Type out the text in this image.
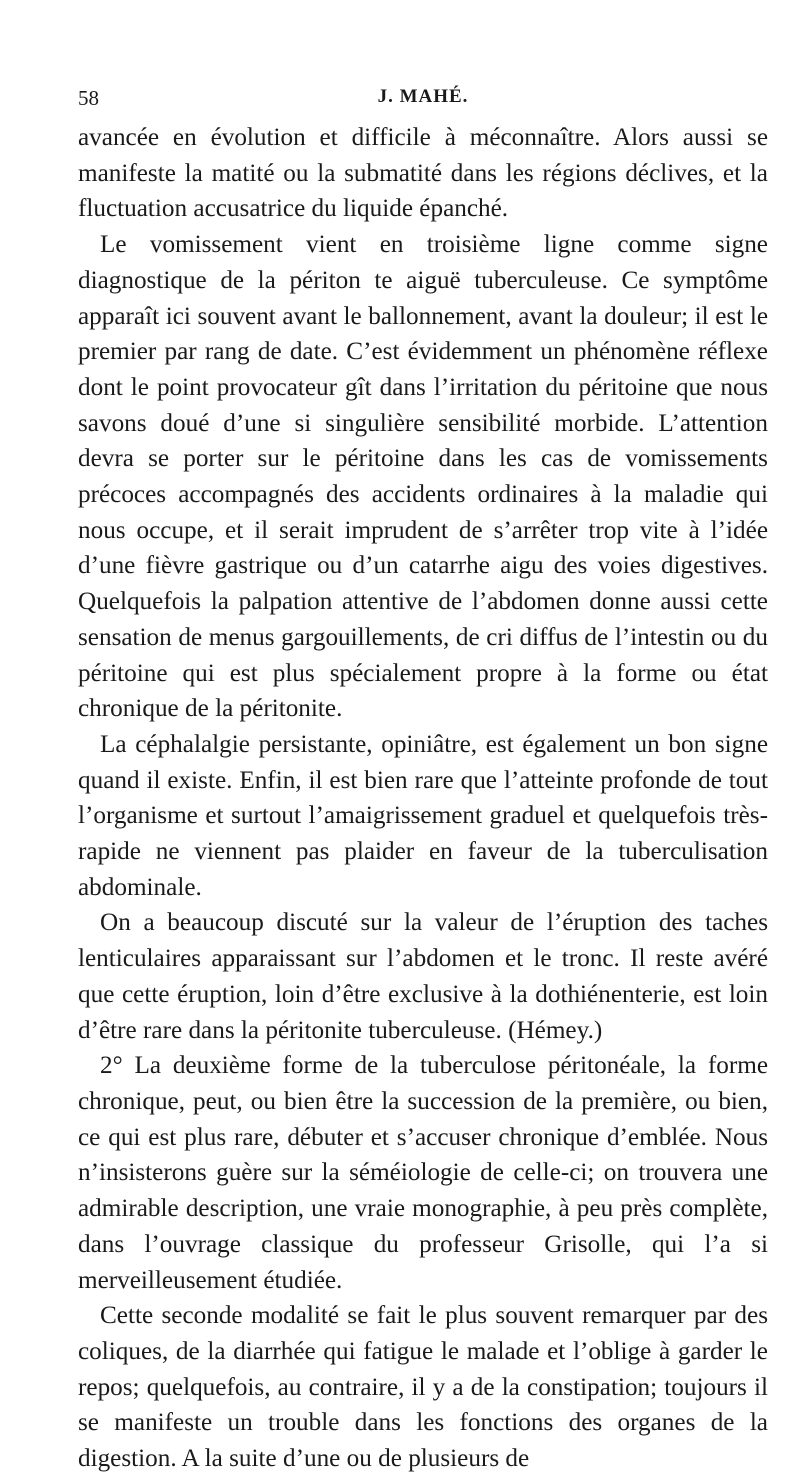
58	J. MAHÉ.

avancée en évolution et difficile à méconnaître. Alors aussi se manifeste la matité ou la submatité dans les régions déclives, et la fluctuation accusatrice du liquide épanché.

Le vomissement vient en troisième ligne comme signe diagnostique de la périton te aiguë tuberculeuse. Ce symptôme apparaît ici souvent avant le ballonnement, avant la douleur; il est le premier par rang de date. C’est évidemment un phénomène réflexe dont le point provocateur gît dans l’irritation du péritoine que nous savons doué d’une si singulière sensibilité morbide. L’attention devra se porter sur le péritoine dans les cas de vomissements précoces accompagnés des accidents ordinaires à la maladie qui nous occupe, et il serait imprudent de s’arrêter trop vite à l’idée d’une fièvre gastrique ou d’un catarrhe aigu des voies digestives. Quelquefois la palpation attentive de l’abdomen donne aussi cette sensation de menus gargouillements, de cri diffus de l’intestin ou du péritoine qui est plus spécialement propre à la forme ou état chronique de la péritonite.

La céphalalgie persistante, opiniâtre, est également un bon signe quand il existe. Enfin, il est bien rare que l’atteinte profonde de tout l’organisme et surtout l’amaigrissement graduel et quelquefois très-rapide ne viennent pas plaider en faveur de la tuberculisation abdominale.

On a beaucoup discuté sur la valeur de l’éruption des taches lenticulaires apparaissant sur l’abdomen et le tronc. Il reste avéré que cette éruption, loin d’être exclusive à la dothiénenterie, est loin d’être rare dans la péritonite tuberculeuse. (Hémey.)

2° La deuxième forme de la tuberculose péritonéale, la forme chronique, peut, ou bien être la succession de la première, ou bien, ce qui est plus rare, débuter et s’accuser chronique d’emblée. Nous n’insisterons guère sur la séméiologie de celle-ci; on trouvera une admirable description, une vraie monographie, à peu près complète, dans l’ouvrage classique du professeur Grisolle, qui l’a si merveilleusement étudiée.

Cette seconde modalité se fait le plus souvent remarquer par des coliques, de la diarrhée qui fatigue le malade et l’oblige à garder le repos; quelquefois, au contraire, il y a de la constipation; toujours il se manifeste un trouble dans les fonctions des organes de la digestion. A la suite d’une ou de plusieurs de
